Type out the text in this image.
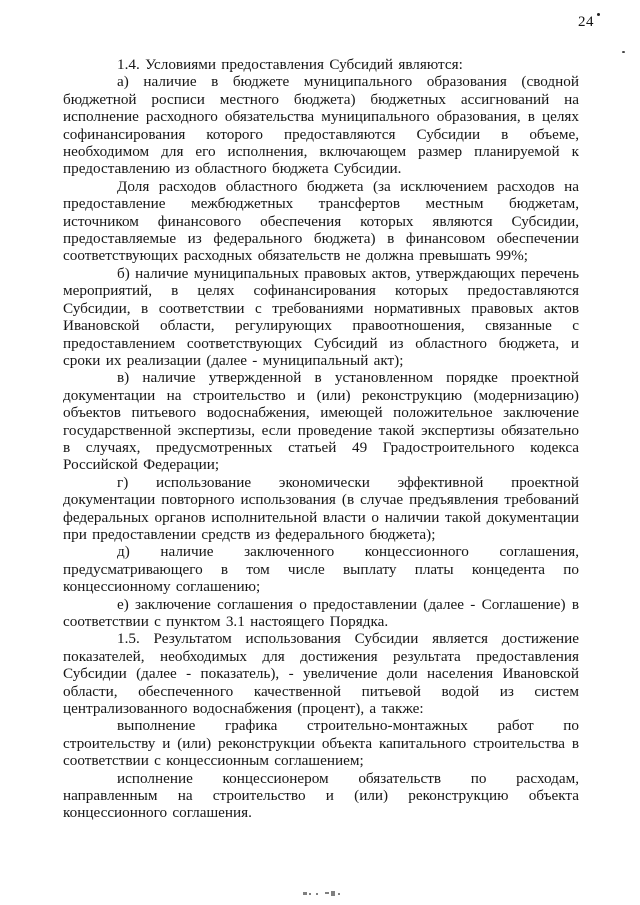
24

1.4. Условиями предоставления Субсидий являются:

а) наличие в бюджете муниципального образования (сводной бюджетной росписи местного бюджета) бюджетных ассигнований на исполнение расходного обязательства муниципального образования, в целях софинансирования которого предоставляются Субсидии в объеме, необходимом для его исполнения, включающем размер планируемой к предоставлению из областного бюджета Субсидии.

Доля расходов областного бюджета (за исключением расходов на предоставление межбюджетных трансфертов местным бюджетам, источником финансового обеспечения которых являются Субсидии, предоставляемые из федерального бюджета) в финансовом обеспечении соответствующих расходных обязательств не должна превышать 99%;

б) наличие муниципальных правовых актов, утверждающих перечень мероприятий, в целях софинансирования которых предоставляются Субсидии, в соответствии с требованиями нормативных правовых актов Ивановской области, регулирующих правоотношения, связанные с предоставлением соответствующих Субсидий из областного бюджета, и сроки их реализации (далее - муниципальный акт);

в) наличие утвержденной в установленном порядке проектной документации на строительство и (или) реконструкцию (модернизацию) объектов питьевого водоснабжения, имеющей положительное заключение государственной экспертизы, если проведение такой экспертизы обязательно в случаях, предусмотренных статьей 49 Градостроительного кодекса Российской Федерации;

г) использование экономически эффективной проектной документации повторного использования (в случае предъявления требований федеральных органов исполнительной власти о наличии такой документации при предоставлении средств из федерального бюджета);

д) наличие заключенного концессионного соглашения, предусматривающего в том числе выплату платы концедента по концессионному соглашению;

е) заключение соглашения о предоставлении (далее - Соглашение) в соответствии с пунктом 3.1 настоящего Порядка.

1.5. Результатом использования Субсидии является достижение показателей, необходимых для достижения результата предоставления Субсидии (далее - показатель), - увеличение доли населения Ивановской области, обеспеченного качественной питьевой водой из систем централизованного водоснабжения (процент), а также:

выполнение графика строительно-монтажных работ по строительству и (или) реконструкции объекта капитального строительства в соответствии с концессионным соглашением;

исполнение концессионером обязательств по расходам, направленным на строительство и (или) реконструкцию объекта концессионного соглашения.
